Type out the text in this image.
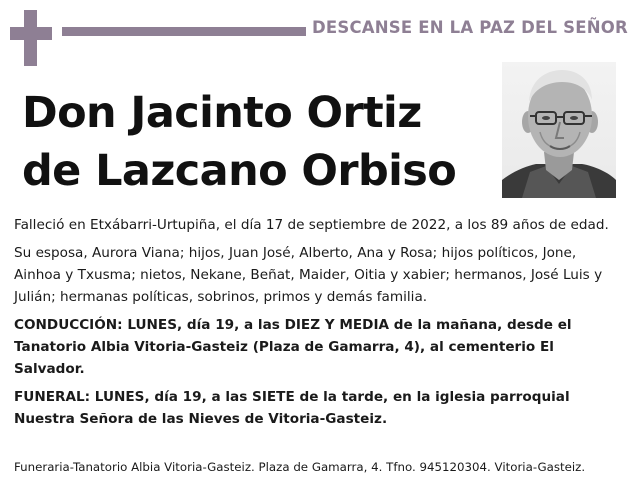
DESCANSE EN LA PAZ DEL SEÑOR
Don Jacinto Ortiz
de Lazcano Orbiso

Falleció en Etxábarri-Urtupiña, el día 17 de septiembre de 2022, a los 89 años de edad.

Su esposa, Aurora Viana; hijos, Juan José, Alberto, Ana y Rosa; hijos políticos, Jone, Ainhoa y Txusma; nietos, Nekane, Beñat, Maider, Oitia y xabier; hermanos, José Luis y Julián; hermanas políticas, sobrinos, primos y demás familia.

CONDUCCIÓN: LUNES, día 19, a las DIEZ Y MEDIA de la mañana, desde el Tanatorio Albia Vitoria-Gasteiz (Plaza de Gamarra, 4), al cementerio El Salvador.

FUNERAL: LUNES, día 19, a las SIETE de la tarde, en la iglesia parroquial Nuestra Señora de las Nieves de Vitoria-Gasteiz.

Funeraria-Tanatorio Albia Vitoria-Gasteiz. Plaza de Gamarra, 4. Tfno. 945120304. Vitoria-Gasteiz.
